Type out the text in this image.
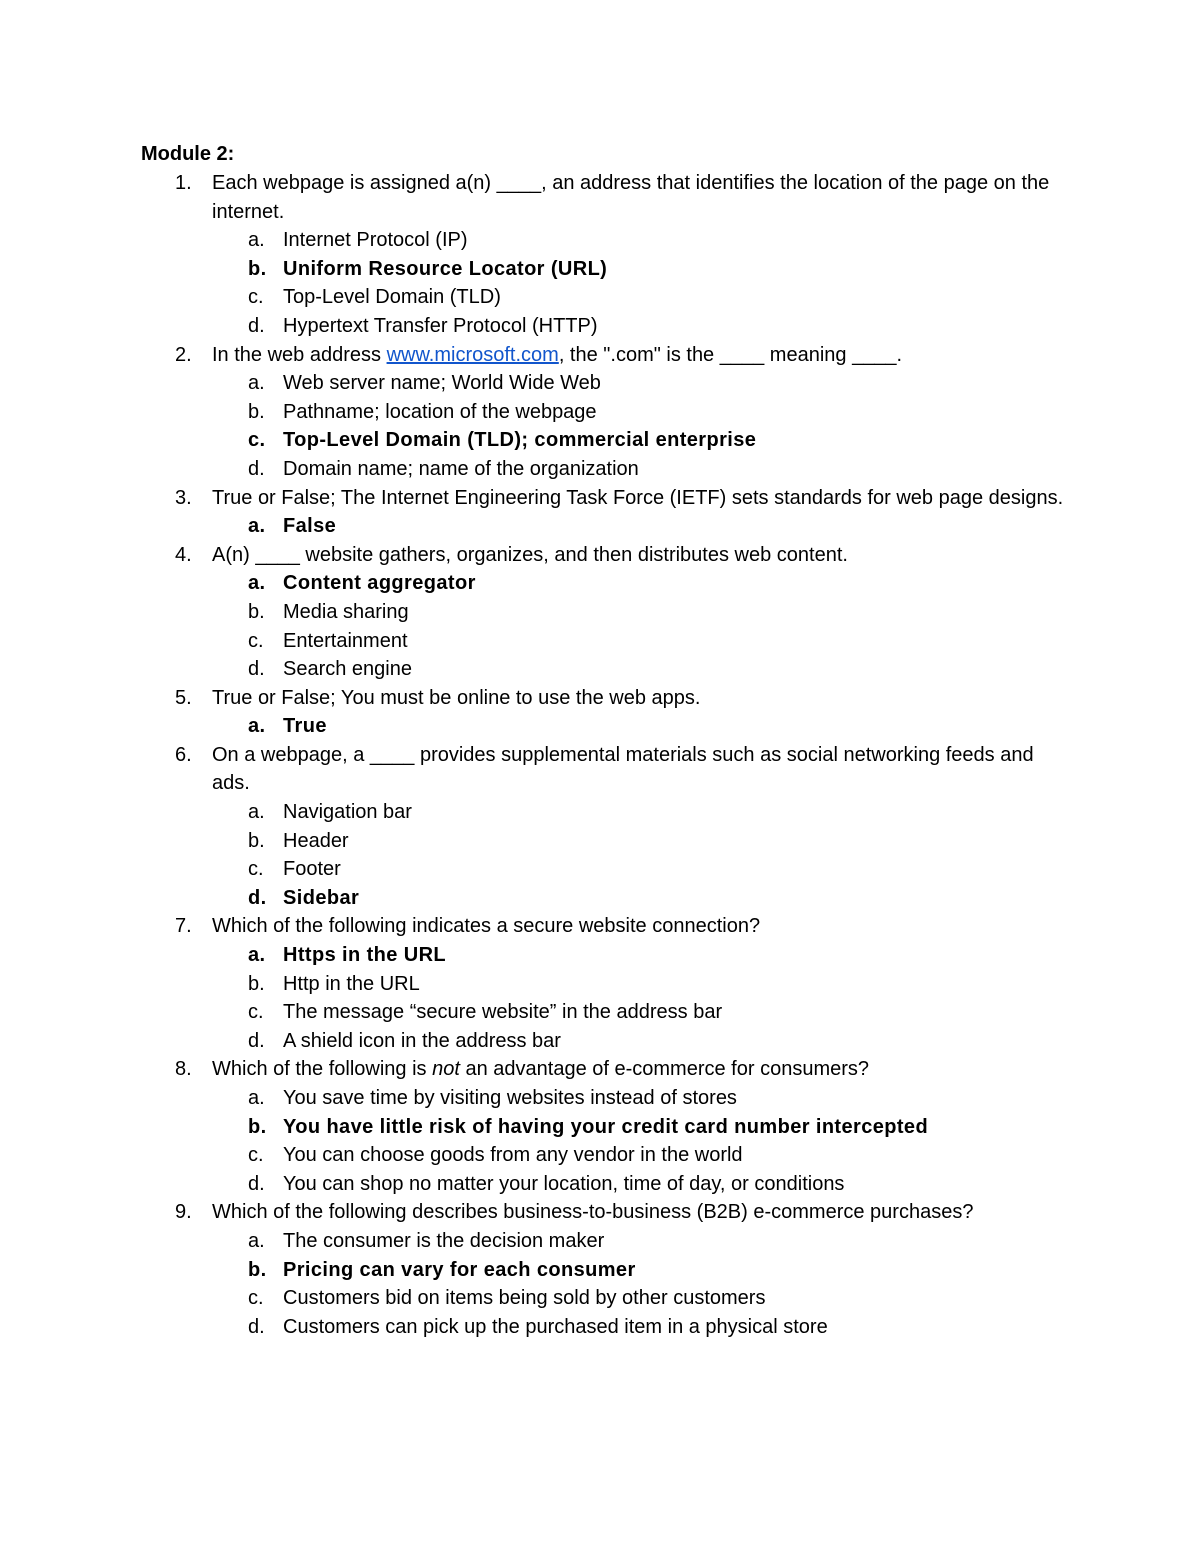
Module 2:
1. Each webpage is assigned a(n) ____, an address that identifies the location of the page on the internet.
a. Internet Protocol (IP)
b. Uniform Resource Locator (URL)
c. Top-Level Domain (TLD)
d. Hypertext Transfer Protocol (HTTP)
2. In the web address www.microsoft.com, the ".com" is the ____ meaning ____.
a. Web server name; World Wide Web
b. Pathname; location of the webpage
c. Top-Level Domain (TLD); commercial enterprise
d. Domain name; name of the organization
3. True or False; The Internet Engineering Task Force (IETF) sets standards for web page designs.
a. False
4. A(n) ____ website gathers, organizes, and then distributes web content.
a. Content aggregator
b. Media sharing
c. Entertainment
d. Search engine
5. True or False; You must be online to use the web apps.
a. True
6. On a webpage, a ____ provides supplemental materials such as social networking feeds and ads.
a. Navigation bar
b. Header
c. Footer
d. Sidebar
7. Which of the following indicates a secure website connection?
a. Https in the URL
b. Http in the URL
c. The message “secure website” in the address bar
d. A shield icon in the address bar
8. Which of the following is not an advantage of e-commerce for consumers?
a. You save time by visiting websites instead of stores
b. You have little risk of having your credit card number intercepted
c. You can choose goods from any vendor in the world
d. You can shop no matter your location, time of day, or conditions
9. Which of the following describes business-to-business (B2B) e-commerce purchases?
a. The consumer is the decision maker
b. Pricing can vary for each consumer
c. Customers bid on items being sold by other customers
d. Customers can pick up the purchased item in a physical store
